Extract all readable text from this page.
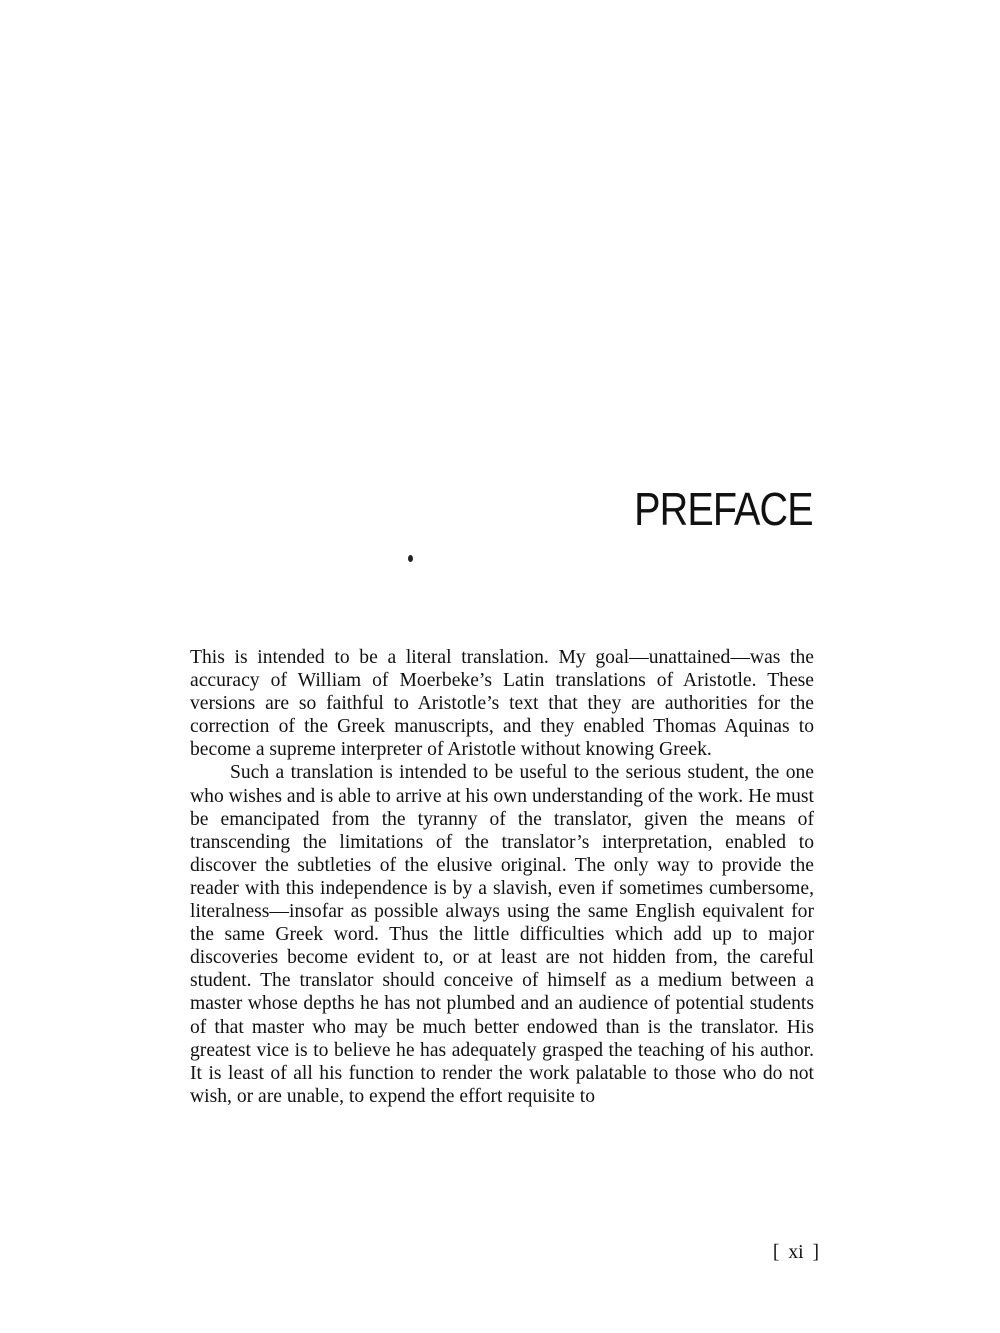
PREFACE

This is intended to be a literal translation. My goal—unattained—was the accuracy of William of Moerbeke’s Latin translations of Aristotle. These versions are so faithful to Aristotle’s text that they are authorities for the correction of the Greek manuscripts, and they enabled Thomas Aquinas to become a supreme interpreter of Aristotle without knowing Greek.

Such a translation is intended to be useful to the serious student, the one who wishes and is able to arrive at his own understanding of the work. He must be emancipated from the tyranny of the translator, given the means of transcending the limitations of the translator’s interpretation, enabled to discover the subtleties of the elusive original. The only way to provide the reader with this independence is by a slavish, even if sometimes cumbersome, literalness—insofar as possible always using the same English equivalent for the same Greek word. Thus the little difficulties which add up to major discoveries become evident to, or at least are not hidden from, the careful student. The translator should conceive of himself as a medium between a master whose depths he has not plumbed and an audience of potential students of that master who may be much better endowed than is the translator. His greatest vice is to believe he has adequately grasped the teaching of his author. It is least of all his function to render the work palatable to those who do not wish, or are unable, to expend the effort requisite to

[ xi ]
